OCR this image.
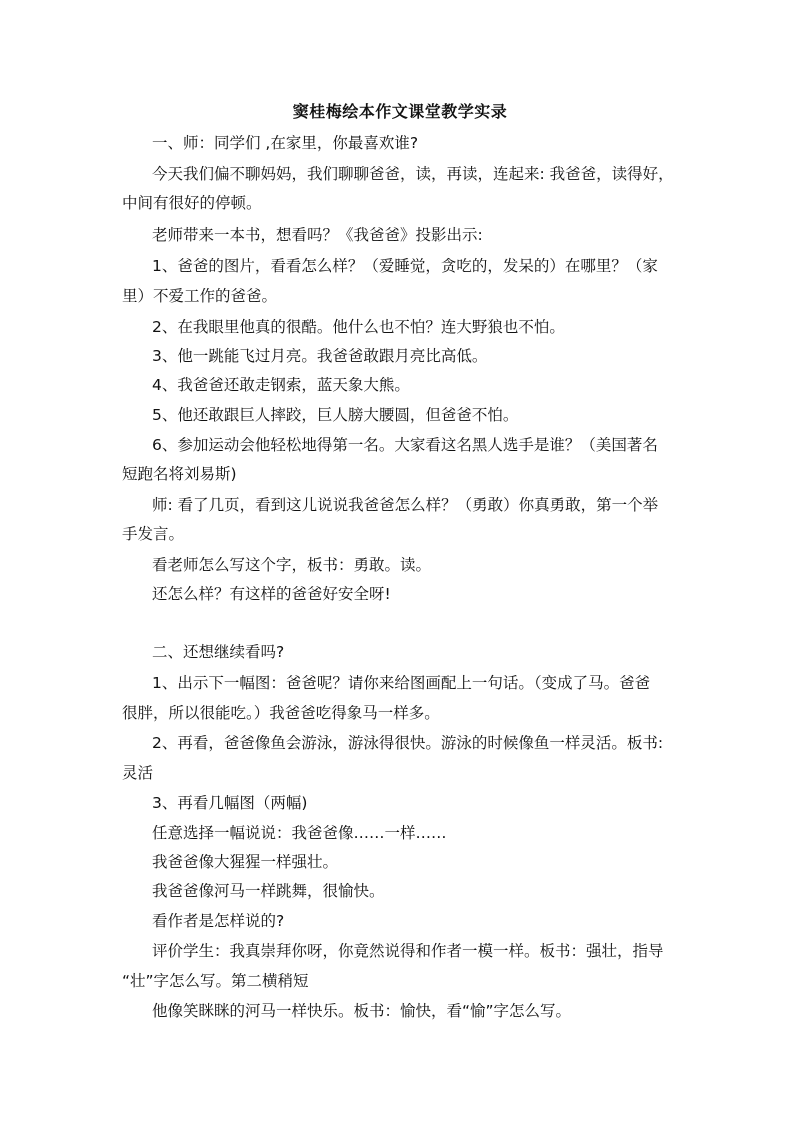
窦桂梅绘本作文课堂教学实录
一、师：同学们 ,在家里，你最喜欢谁?
今天我们偏不聊妈妈，我们聊聊爸爸，读，再读，连起来: 我爸爸，读得好，
中间有很好的停顿。
老师带来一本书，想看吗？《我爸爸》投影出示:
1、爸爸的图片，看看怎么样？（爱睡觉，贪吃的，发呆的）在哪里？（家
里）不爱工作的爸爸。
2、在我眼里他真的很酷。他什么也不怕？连大野狼也不怕。
3、他一跳能飞过月亮。我爸爸敢跟月亮比高低。
4、我爸爸还敢走钢索，蓝天象大熊。
5、他还敢跟巨人摔跤，巨人膀大腰圆，但爸爸不怕。
6、参加运动会他轻松地得第一名。大家看这名黑人选手是谁？（美国著名
短跑名将刘易斯)
师: 看了几页，看到这儿说说我爸爸怎么样？（勇敢）你真勇敢，第一个举
手发言。
看老师怎么写这个字，板书：勇敢。读。
还怎么样？有这样的爸爸好安全呀!
二、还想继续看吗?
1、出示下一幅图：爸爸呢？请你来给图画配上一句话。（变成了马。爸爸
很胖，所以很能吃。）我爸爸吃得象马一样多。
2、再看，爸爸像鱼会游泳，游泳得很快。游泳的时候像鱼一样灵活。板书:
灵活
3、再看几幅图（两幅)
任意选择一幅说说：我爸爸像……一样……
我爸爸像大猩猩一样强壮。
我爸爸像河马一样跳舞，很愉快。
看作者是怎样说的?
评价学生：我真崇拜你呀，你竟然说得和作者一模一样。板书：强壮，指导
“壮”字怎么写。第二横稍短
他像笑眯眯的河马一样快乐。板书：愉快，看“愉”字怎么写。
